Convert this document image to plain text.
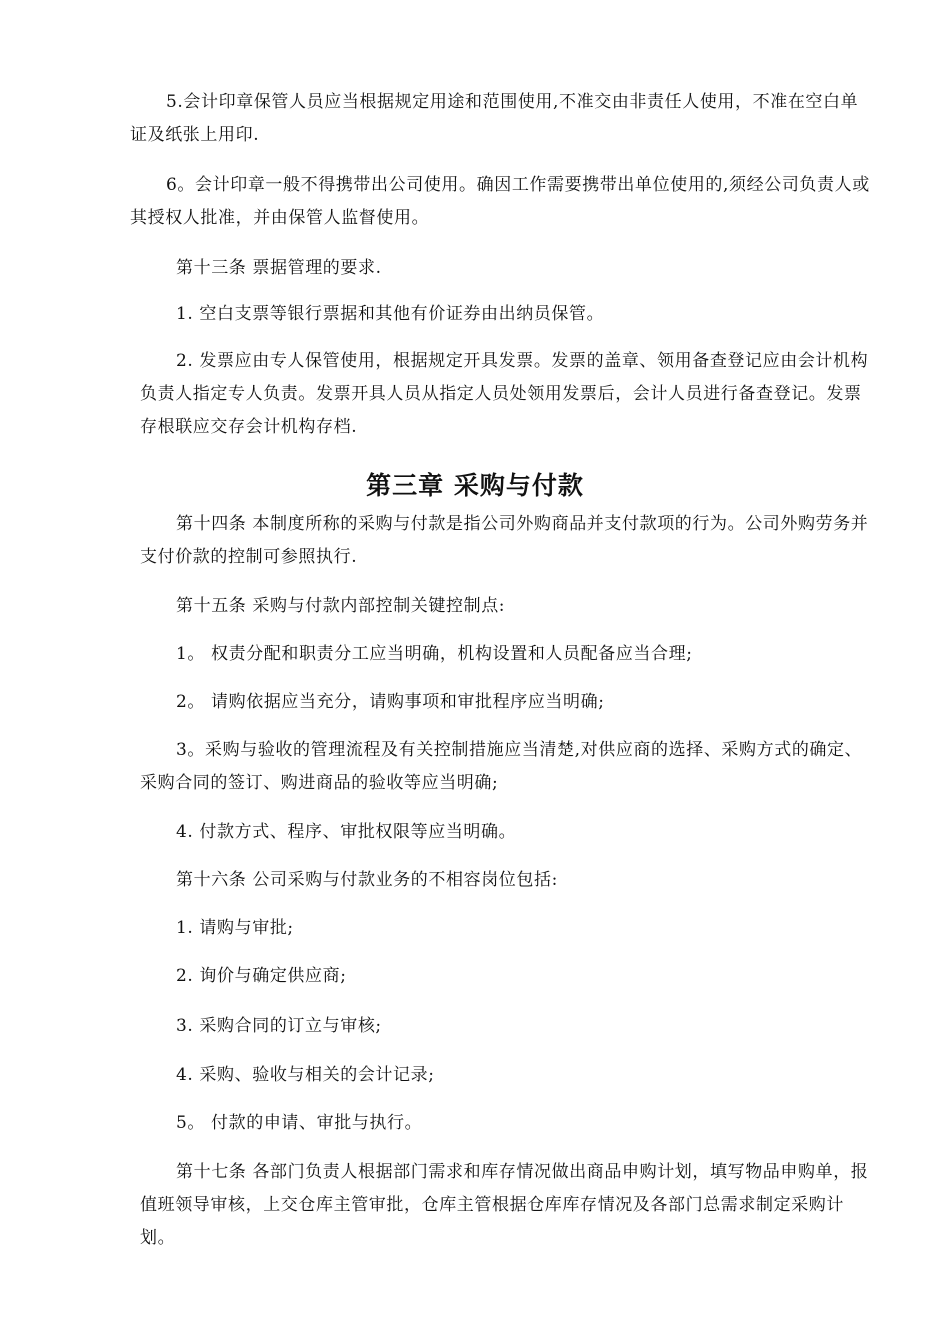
5.会计印章保管人员应当根据规定用途和范围使用,不准交由非责任人使用，不准在空白单证及纸张上用印.

6。会计印章一般不得携带出公司使用。确因工作需要携带出单位使用的,须经公司负责人或其授权人批准，并由保管人监督使用。

第十三条 票据管理的要求.

1. 空白支票等银行票据和其他有价证券由出纳员保管。

2. 发票应由专人保管使用，根据规定开具发票。发票的盖章、领用备查登记应由会计机构负责人指定专人负责。发票开具人员从指定人员处领用发票后，会计人员进行备查登记。发票存根联应交存会计机构存档.

第三章 采购与付款

第十四条 本制度所称的采购与付款是指公司外购商品并支付款项的行为。公司外购劳务并支付价款的控制可参照执行.

第十五条 采购与付款内部控制关键控制点:

1。 权责分配和职责分工应当明确，机构设置和人员配备应当合理;

2。 请购依据应当充分，请购事项和审批程序应当明确;

3。采购与验收的管理流程及有关控制措施应当清楚,对供应商的选择、采购方式的确定、采购合同的签订、购进商品的验收等应当明确;

4. 付款方式、程序、审批权限等应当明确。

第十六条 公司采购与付款业务的不相容岗位包括:

1. 请购与审批;

2. 询价与确定供应商;

3. 采购合同的订立与审核;

4. 采购、验收与相关的会计记录;

5。 付款的申请、审批与执行。

第十七条 各部门负责人根据部门需求和库存情况做出商品申购计划，填写物品申购单，报值班领导审核，上交仓库主管审批，仓库主管根据仓库库存情况及各部门总需求制定采购计划。
